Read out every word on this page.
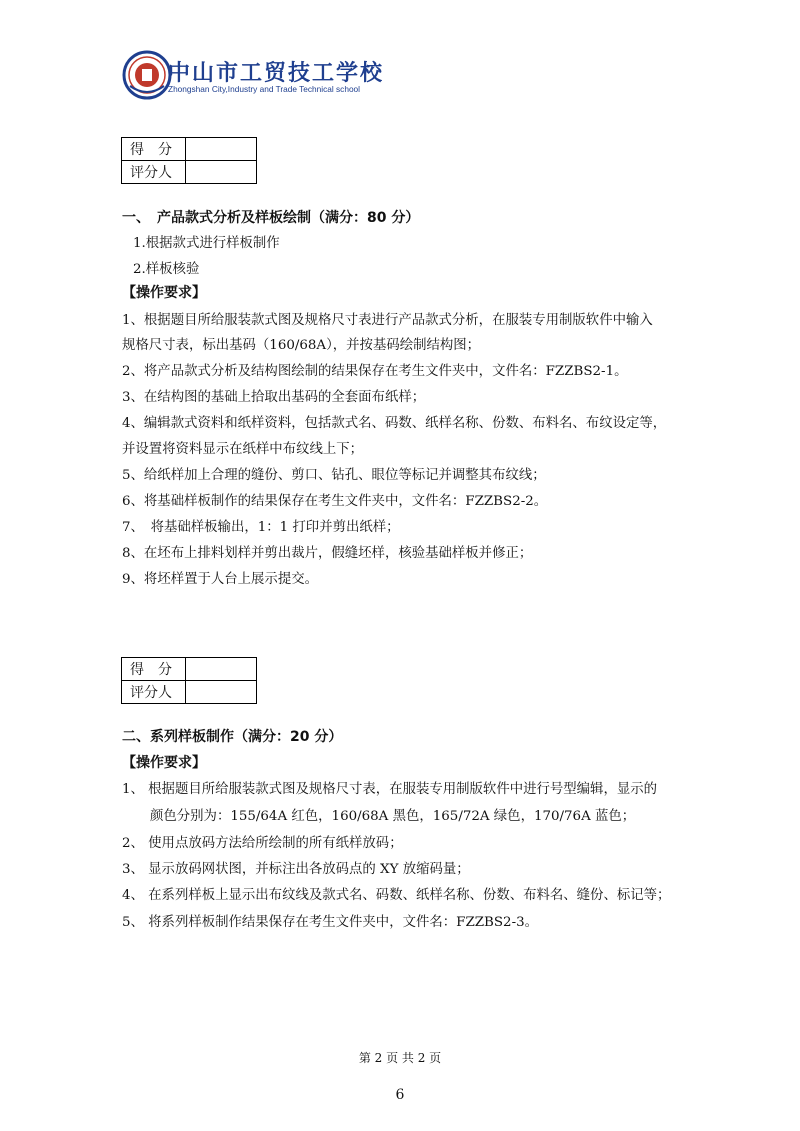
中山市工贸技工学校
Zhongshan City,Industry and Trade Technical school
得　分	
评分人	
一、　产品款式分析及样板绘制（满分：80 分）
1.根据款式进行样板制作
2.样板核验
【操作要求】
1、根据题目所给服装款式图及规格尺寸表进行产品款式分析，在服装专用制版软件中输入
规格尺寸表，标出基码（160/68A），并按基码绘制结构图；
2、将产品款式分析及结构图绘制的结果保存在考生文件夹中，文件名：FZZBS2-1。
3、在结构图的基础上拾取出基码的全套面布纸样；
4、编辑款式资料和纸样资料，包括款式名、码数、纸样名称、份数、布料名、布纹设定等，
并设置将资料显示在纸样中布纹线上下；
5、给纸样加上合理的缝份、剪口、钻孔、眼位等标记并调整其布纹线；
6、将基础样板制作的结果保存在考生文件夹中，文件名：FZZBS2-2。
7、　将基础样板输出，1：1 打印并剪出纸样；
8、在坯布上排料划样并剪出裁片，假缝坯样，核验基础样板并修正；
9、将坯样置于人台上展示提交。
得　分	
评分人	
二、系列样板制作（满分：20 分）
【操作要求】
1、 根据题目所给服装款式图及规格尺寸表，在服装专用制版软件中进行号型编辑，显示的
颜色分别为：155/64A 红色，160/68A 黑色，165/72A 绿色，170/76A 蓝色；
2、 使用点放码方法给所绘制的所有纸样放码；
3、 显示放码网状图，并标注出各放码点的 XY 放缩码量；
4、 在系列样板上显示出布纹线及款式名、码数、纸样名称、份数、布料名、缝份、标记等；
5、 将系列样板制作结果保存在考生文件夹中，文件名：FZZBS2-3。
第 2 页 共 2 页
6
